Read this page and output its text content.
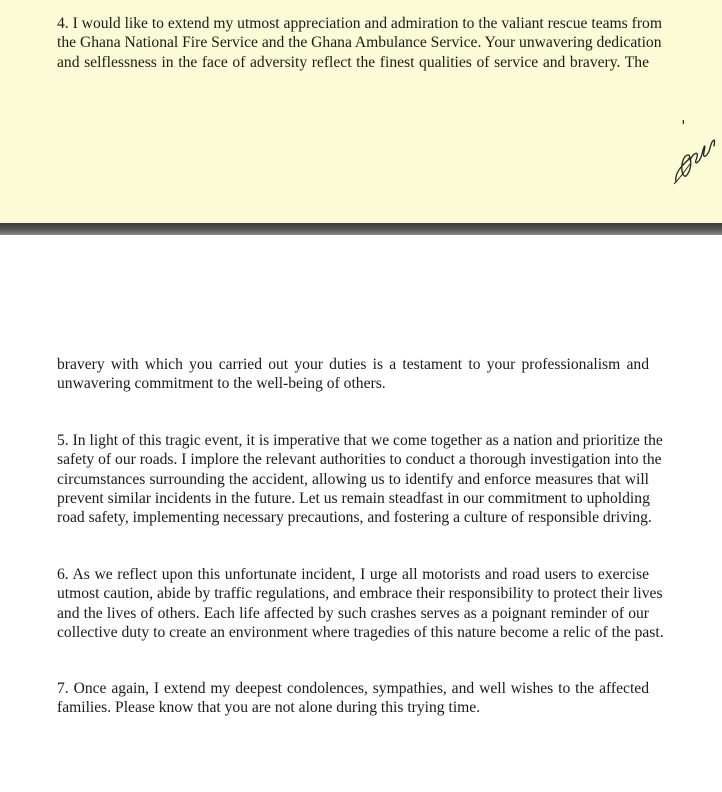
4. I would like to extend my utmost appreciation and admiration to the valiant rescue teams from
the Ghana National Fire Service and the Ghana Ambulance Service. Your unwavering dedication
and selflessness in the face of adversity reflect the finest qualities of service and bravery. The

bravery with which you carried out your duties is a testament to your professionalism and
unwavering commitment to the well-being of others.

5. In light of this tragic event, it is imperative that we come together as a nation and prioritize the
safety of our roads. I implore the relevant authorities to conduct a thorough investigation into the
circumstances surrounding the accident, allowing us to identify and enforce measures that will
prevent similar incidents in the future. Let us remain steadfast in our commitment to upholding
road safety, implementing necessary precautions, and fostering a culture of responsible driving.

6. As we reflect upon this unfortunate incident, I urge all motorists and road users to exercise
utmost caution, abide by traffic regulations, and embrace their responsibility to protect their lives
and the lives of others. Each life affected by such crashes serves as a poignant reminder of our
collective duty to create an environment where tragedies of this nature become a relic of the past.

7. Once again, I extend my deepest condolences, sympathies, and well wishes to the affected
families. Please know that you are not alone during this trying time.
